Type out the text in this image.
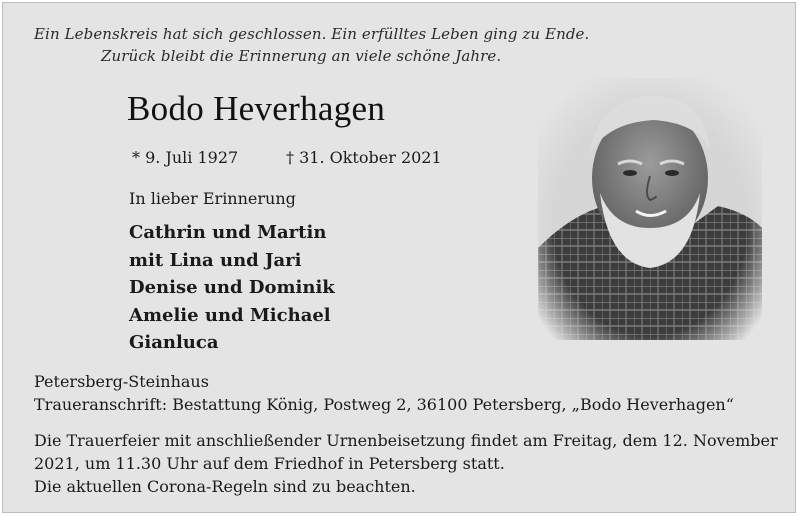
Ein Lebenskreis hat sich geschlossen. Ein erfülltes Leben ging zu Ende.
Zurück bleibt die Erinnerung an viele schöne Jahre.
Bodo Heverhagen
* 9. Juli 1927	† 31. Oktober 2021
In lieber Erinnerung
Cathrin und Martin
mit Lina und Jari
Denise und Dominik
Amelie und Michael
Gianluca
Petersberg-Steinhaus
Traueranschrift: Bestattung König, Postweg 2, 36100 Petersberg, „Bodo Heverhagen“
Die Trauerfeier mit anschließender Urnenbeisetzung findet am Freitag, dem 12. November
2021, um 11.30 Uhr auf dem Friedhof in Petersberg statt.
Die aktuellen Corona-Regeln sind zu beachten.
